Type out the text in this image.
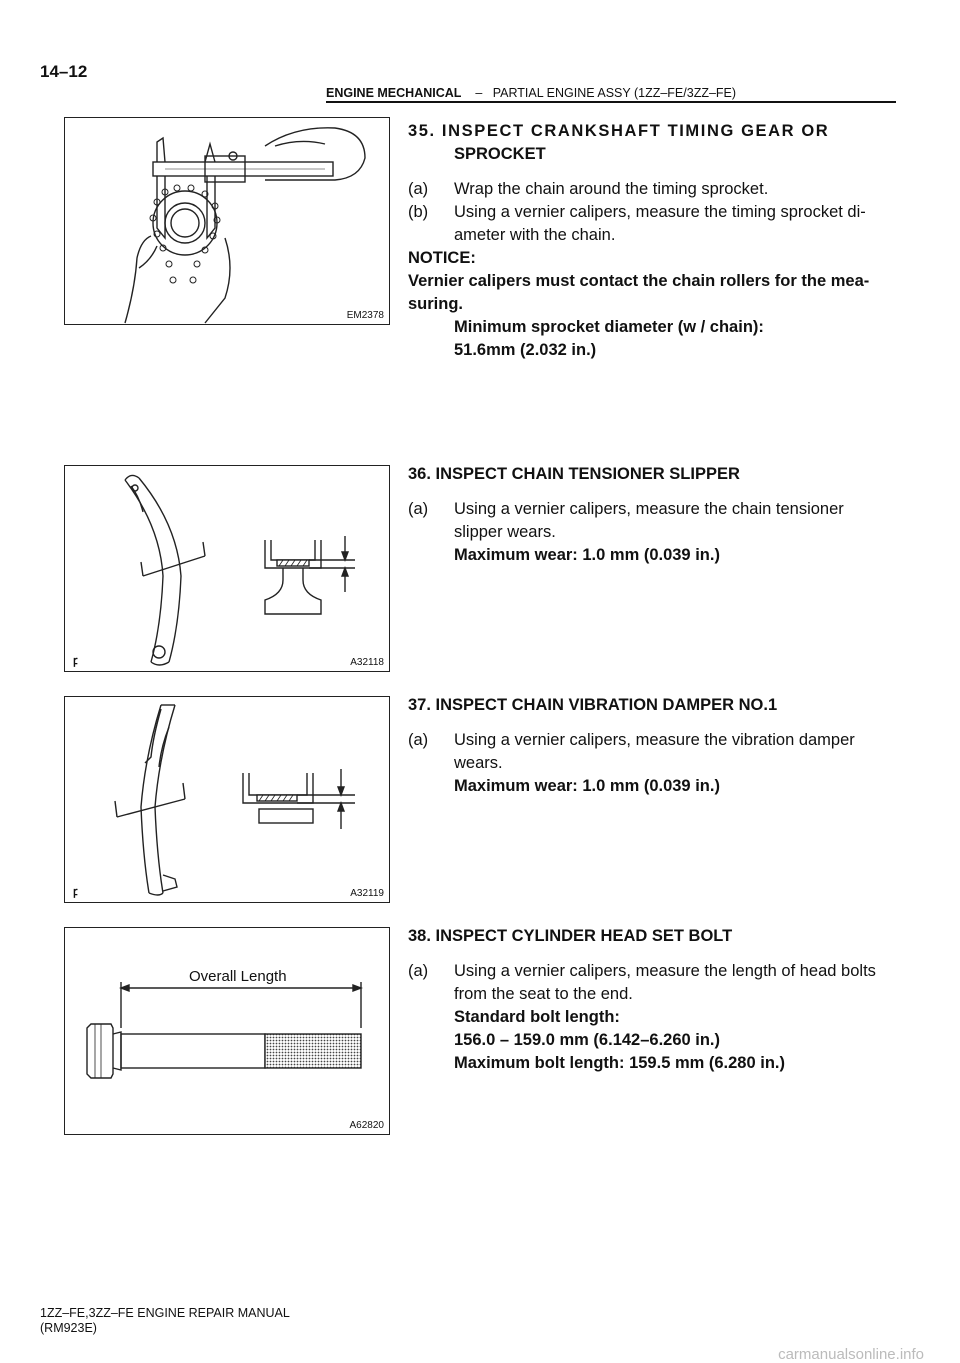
14–12
ENGINE MECHANICAL – PARTIAL ENGINE ASSY (1ZZ–FE/3ZZ–FE)
EM2378
35. INSPECT CRANKSHAFT TIMING GEAR OR
SPROCKET
(a)	Wrap the chain around the timing sprocket.
(b)	Using a vernier calipers, measure the timing sprocket di-
ameter with the chain.
NOTICE:
Vernier calipers must contact the chain rollers for the mea-
suring.
Minimum sprocket diameter (w / chain):
51.6mm (2.032 in.)
ꝼ	A32118
36. INSPECT CHAIN TENSIONER SLIPPER
(a)	Using a vernier calipers, measure the chain tensioner
slipper wears.
Maximum wear: 1.0 mm (0.039 in.)
ꝼ	A32119
37. INSPECT CHAIN VIBRATION DAMPER NO.1
(a)	Using a vernier calipers, measure the vibration damper
wears.
Maximum wear: 1.0 mm (0.039 in.)
Overall Length
A62820
38. INSPECT CYLINDER HEAD SET BOLT
(a)	Using a vernier calipers, measure the length of head bolts
from the seat to the end.
Standard bolt length:
156.0 – 159.0 mm (6.142–6.260 in.)
Maximum bolt length: 159.5 mm (6.280 in.)
1ZZ–FE,3ZZ–FE ENGINE REPAIR MANUAL
(RM923E)
carmanualsonline.info
